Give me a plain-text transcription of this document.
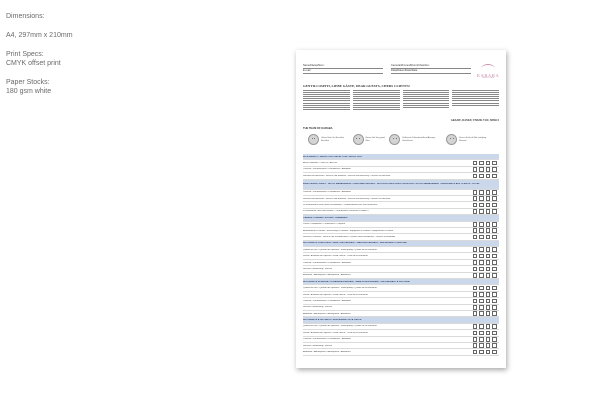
Dimensions:
A4, 297mm x 210mm
Print Specs:
CMYK offset print
Paper Stocks:
180 gsm white
Name/Name/Nom:	Camera/Zimmer/Room/Chambre:
E-mail:	Data/Datum/Date/Date:
KARABA
RESORT & SPA
GENTILI OSPITI, LIEBE GÄSTE, DEAR GUESTS, CHERS CLIENTS!
GRAZIE, DANKE, THANK YOU, MERCI
THE TEAM OF KARABA
Ottimo Sehr Gut Excellent Excellent
Buono Gut Very good Bien
Sufficiente Zufriedenstellend Average Satisfaisant
Scarso Schlecht Not satisfying Mauvais
RICEVIMENTO / REZEPTION / RECEPTION / RÉCEPTION
Arrivo / Ankunft / Check in / Accueil
Cortesia / Freundlichkeit / Friendliness / Amabilité
Servizio ed Efficienza / Service und Effizienz / Service and Efficiency / Service et Efficacité
ASSISTENZA CLIENTI - HOTEL MANAGEMENT / GÄSTEBETREUUNG - HOTELLEITUNG GUEST RELATION - HOTEL MANAGEMENT / ASSISTANCE AUX CLIENTS - HÔTEL
Cortesia / Freundlichkeit / Friendliness / Amabilité
Servizio ed Efficienza / Service und Effizienz / Service and Efficiency / Service et Efficacité
Le informazioni sono chiare ed affidabili? / Informationen klar und verlässlich?
Is information clear and reliable? / Informations correctes et fiables?
CAMERE / ZIMMER / ROOMS / CHAMBRES
Pulizia / Sauberkeit / Cleanliness / Propreté
Arredamento & confort / Einrichtung & Komfort / Equipment & comfort / Équipement & confort
Servizio e cortesia / Service und Freundlichkeit / Service and Friendliness / Service et amabilité
RISTORANTE PRINCIPALE / HAUPTRESTAURANT / MAIN RESTAURANT / RESTAURANT PRINCIPAL
Qualità dei cibi / Qualität der Speisen / Food quality / Qualité de la nourriture
Scelta / Auswahl der Speisen / Food choice / Choix de la nourriture
Cortesia / Freundlichkeit / Friendliness / Amabilité
Servizio / Bedienung / Service
Ambiente / Atmosphäre / Atmosphere / Ambiance
RISTORANTE SPIAGGIA / STRANDRESTAURANT / BEACH RESTAURANT / RESTAURANT À LA PLAGE
Qualità dei cibi / Qualität der Speisen / Food quality / Qualité de la nourriture
Scelta / Auswahl der Speisen / Food choice / Choix de la nourriture
Cortesia / Freundlichkeit / Friendliness / Amabilité
Servizio / Bedienung / Service
Ambiente / Atmosphäre / Atmosphere / Ambiance
RISTORANTE À LA CARTE / RESTAURANT À LA CARTE
Qualità dei cibi / Qualität der Speisen / Food quality / Qualité de la nourriture
Scelta / Auswahl der Speisen / Food choice / Choix de la nourriture
Cortesia / Freundlichkeit / Friendliness / Amabilité
Servizio / Bedienung / Service
Ambiente / Atmosphäre / Atmosphere / Ambiance
